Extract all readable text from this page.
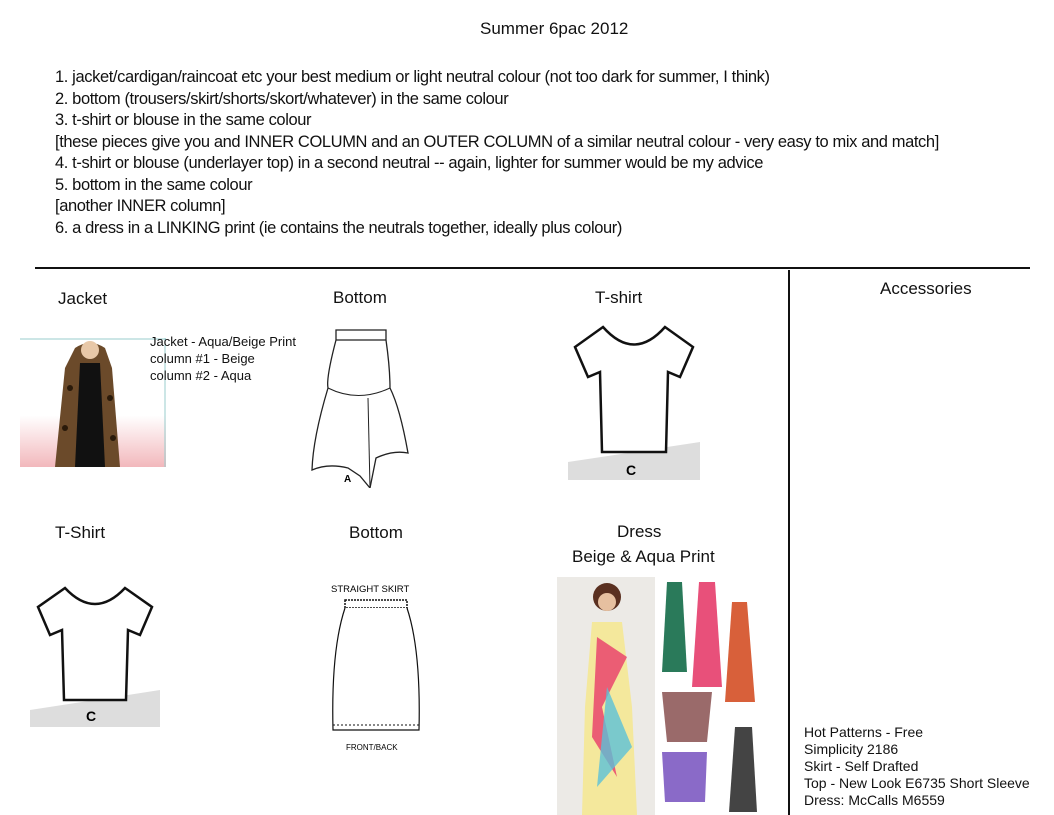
Summer 6pac 2012
1. jacket/cardigan/raincoat etc your best medium or light neutral colour (not too dark for summer, I think)
2. bottom (trousers/skirt/shorts/skort/whatever) in the same colour
3. t-shirt or blouse in the same colour
[these pieces give you and INNER COLUMN and an OUTER COLUMN of a similar neutral colour - very easy to mix and match]
4. t-shirt or blouse (underlayer top) in a second neutral -- again, lighter for summer would be my advice
5. bottom in the same colour
[another INNER column]
6. a dress in a LINKING print (ie contains the neutrals together, ideally plus colour)
Jacket
Jacket - Aqua/Beige Print
column #1 - Beige
column #2 - Aqua
Bottom
A
T-shirt
C
Accessories
T-Shirt
C
Bottom
STRAIGHT SKIRT
FRONT/BACK
Dress
Beige & Aqua Print
Hot Patterns - Free
Simplicity 2186
Skirt - Self Drafted
Top - New Look E6735 Short Sleeve
Dress: McCalls M6559
